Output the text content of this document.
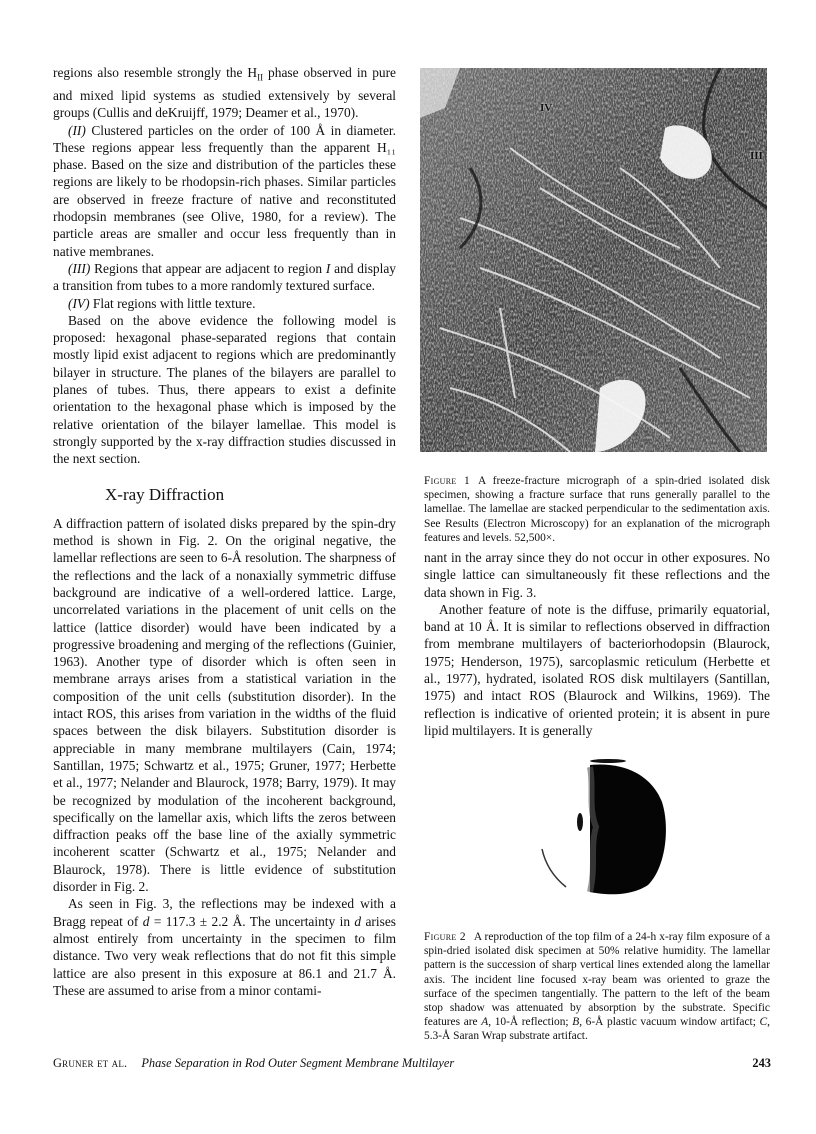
regions also resemble strongly the $H_{II}$ phase observed in pure and mixed lipid systems as studied extensively by several groups (Cullis and deKruijff, 1979; Deamer et al., 1970).

(II) Clustered particles on the order of 100 Å in diameter. These regions appear less frequently than the apparent H₁₁ phase. Based on the size and distribution of the particles these regions are likely to be rhodopsin-rich phases. Similar particles are observed in freeze fracture of native and reconstituted rhodopsin membranes (see Olive, 1980, for a review). The particle areas are smaller and occur less frequently than in native membranes.

(III) Regions that appear are adjacent to region I and display a transition from tubes to a more randomly textured surface.

(IV) Flat regions with little texture.

Based on the above evidence the following model is proposed: hexagonal phase-separated regions that contain mostly lipid exist adjacent to regions which are predominantly bilayer in structure. The planes of the bilayers are parallel to planes of tubes. Thus, there appears to exist a definite orientation to the hexagonal phase which is imposed by the relative orientation of the bilayer lamellae. This model is strongly supported by the x-ray diffraction studies discussed in the next section.

X-ray Diffraction

A diffraction pattern of isolated disks prepared by the spin-dry method is shown in Fig. 2. On the original negative, the lamellar reflections are seen to 6-Å resolution. The sharpness of the reflections and the lack of a nonaxially symmetric diffuse background are indicative of a well-ordered lattice. Large, uncorrelated variations in the placement of unit cells on the lattice (lattice disorder) would have been indicated by a progressive broadening and merging of the reflections (Guinier, 1963). Another type of disorder which is often seen in membrane arrays arises from a statistical variation in the composition of the unit cells (substitution disorder). In the intact ROS, this arises from variation in the widths of the fluid spaces between the disk bilayers. Substitution disorder is appreciable in many membrane multilayers (Cain, 1974; Santillan, 1975; Schwartz et al., 1975; Gruner, 1977; Herbette et al., 1977; Nelander and Blaurock, 1978; Barry, 1979). It may be recognized by modulation of the incoherent background, specifically on the lamellar axis, which lifts the zeros between diffraction peaks off the base line of the axially symmetric incoherent scatter (Schwartz et al., 1975; Nelander and Blaurock, 1978). There is little evidence of substitution disorder in Fig. 2.

As seen in Fig. 3, the reflections may be indexed with a Bragg repeat of d = 117.3 ± 2.2 Å. The uncertainty in d arises almost entirely from uncertainty in the specimen to film distance. Two very weak reflections that do not fit this simple lattice are also present in this exposure at 86.1 and 21.7 Å. These are assumed to arise from a minor contami-

IV
III
Figure 1 A freeze-fracture micrograph of a spin-dried isolated disk specimen, showing a fracture surface that runs generally parallel to the lamellae. The lamellae are stacked perpendicular to the sedimentation axis. See Results (Electron Microscopy) for an explanation of the micrograph features and levels. 52,500×.

nant in the array since they do not occur in other exposures. No single lattice can simultaneously fit these reflections and the data shown in Fig. 3.

Another feature of note is the diffuse, primarily equatorial, band at 10 Å. It is similar to reflections observed in diffraction from membrane multilayers of bacteriorhodopsin (Blaurock, 1975; Henderson, 1975), sarcoplasmic reticulum (Herbette et al., 1977), hydrated, isolated ROS disk multilayers (Santillan, 1975) and intact ROS (Blaurock and Wilkins, 1969). The reflection is indicative of oriented protein; it is absent in pure lipid multilayers. It is generally

Figure 2 A reproduction of the top film of a 24-h x-ray film exposure of a spin-dried isolated disk specimen at 50% relative humidity. The lamellar pattern is the succession of sharp vertical lines extended along the lamellar axis. The incident line focused x-ray beam was oriented to graze the surface of the specimen tangentially. The pattern to the left of the beam stop shadow was attenuated by absorption by the substrate. Specific features are A, 10-Å reflection; B, 6-Å plastic vacuum window artifact; C, 5.3-Å Saran Wrap substrate artifact.
Gruner et al. Phase Separation in Rod Outer Segment Membrane Multilayer	243
